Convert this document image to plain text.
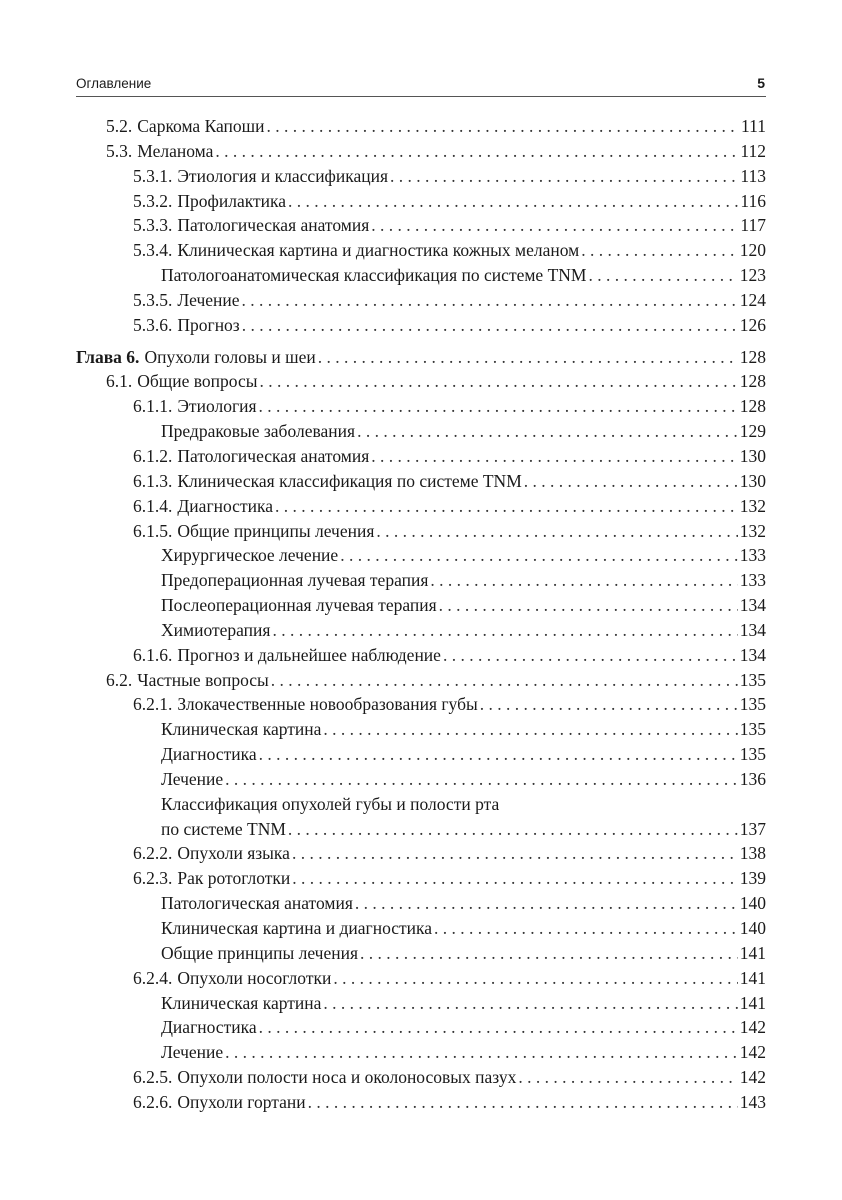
Оглавление	5
5.2. Саркома Капоши . . .	111
5.3. Меланома . . .	112
5.3.1. Этиология и классификация . . .	113
5.3.2. Профилактика . . .	116
5.3.3. Патологическая анатомия . . .	117
5.3.4. Клиническая картина и диагностика кожных меланом . . .	120
Патологоанатомическая классификация по системе TNM . . .	123
5.3.5. Лечение . . .	124
5.3.6. Прогноз . . .	126
Глава 6. Опухоли головы и шеи . . .	128
6.1. Общие вопросы . . .	128
6.1.1. Этиология . . .	128
Предраковые заболевания . . .	129
6.1.2. Патологическая анатомия . . .	130
6.1.3. Клиническая классификация по системе TNM . . .	130
6.1.4. Диагностика . . .	132
6.1.5. Общие принципы лечения . . .	132
Хирургическое лечение . . .	133
Предоперационная лучевая терапия . . .	133
Послеоперационная лучевая терапия . . .	134
Химиотерапия . . .	134
6.1.6. Прогноз и дальнейшее наблюдение . . .	134
6.2. Частные вопросы . . .	135
6.2.1. Злокачественные новообразования губы . . .	135
Клиническая картина . . .	135
Диагностика . . .	135
Лечение . . .	136
Классификация опухолей губы и полости рта
по системе TNM . . .	137
6.2.2. Опухоли языка . . .	138
6.2.3. Рак ротоглотки . . .	139
Патологическая анатомия . . .	140
Клиническая картина и диагностика . . .	140
Общие принципы лечения . . .	141
6.2.4. Опухоли носоглотки . . .	141
Клиническая картина . . .	141
Диагностика . . .	142
Лечение . . .	142
6.2.5. Опухоли полости носа и околоносовых пазух . . .	142
6.2.6. Опухоли гортани . . .	143
